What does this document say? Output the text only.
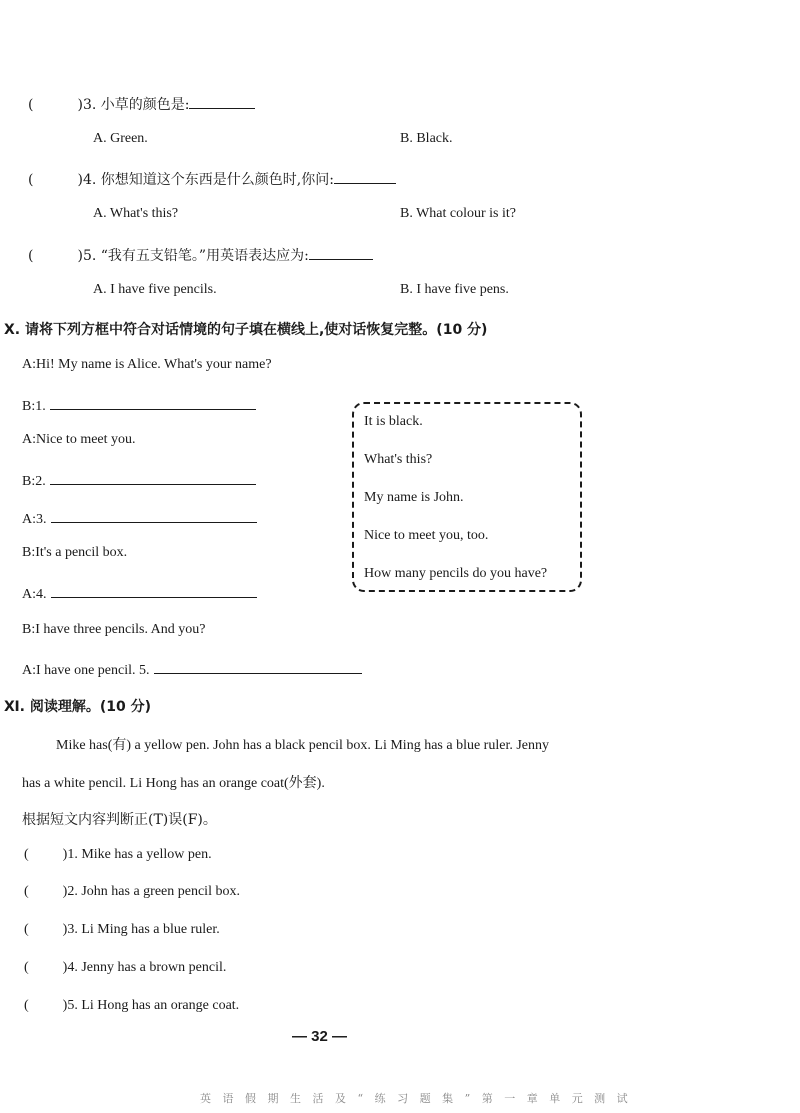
(	)3. 小草的颜色是:
A. Green.	B. Black.
(	)4. 你想知道这个东西是什么颜色时,你问:
A. What's this?	B. What colour is it?
(	)5. “我有五支铅笔。”用英语表达应为:
A. I have five pencils.	B. I have five pens.
Ⅹ. 请将下列方框中符合对话情境的句子填在横线上,使对话恢复完整。(10 分)
A:Hi! My name is Alice. What's your name?
B:1.
A:Nice to meet you.
B:2.
A:3.
B:It's a pencil box.
A:4.
B:I have three pencils. And you?
A:I have one pencil. 5.
It is black.
What's this?
My name is John.
Nice to meet you, too.
How many pencils do you have?
Ⅺ. 阅读理解。(10 分)
Mike has(有) a yellow pen. John has a black pencil box. Li Ming has a blue ruler. Jenny
has a white pencil. Li Hong has an orange coat(外套).
根据短文内容判断正(T)误(F)。
( )1. Mike has a yellow pen.
( )2. John has a green pencil box.
( )3. Li Ming has a blue ruler.
( )4. Jenny has a brown pencil.
( )5. Li Hong has an orange coat.
— 32 —
英 语 假 期 生 活 及 “ 练 习 题 集 ” 第 一 章 单 元 测 试
